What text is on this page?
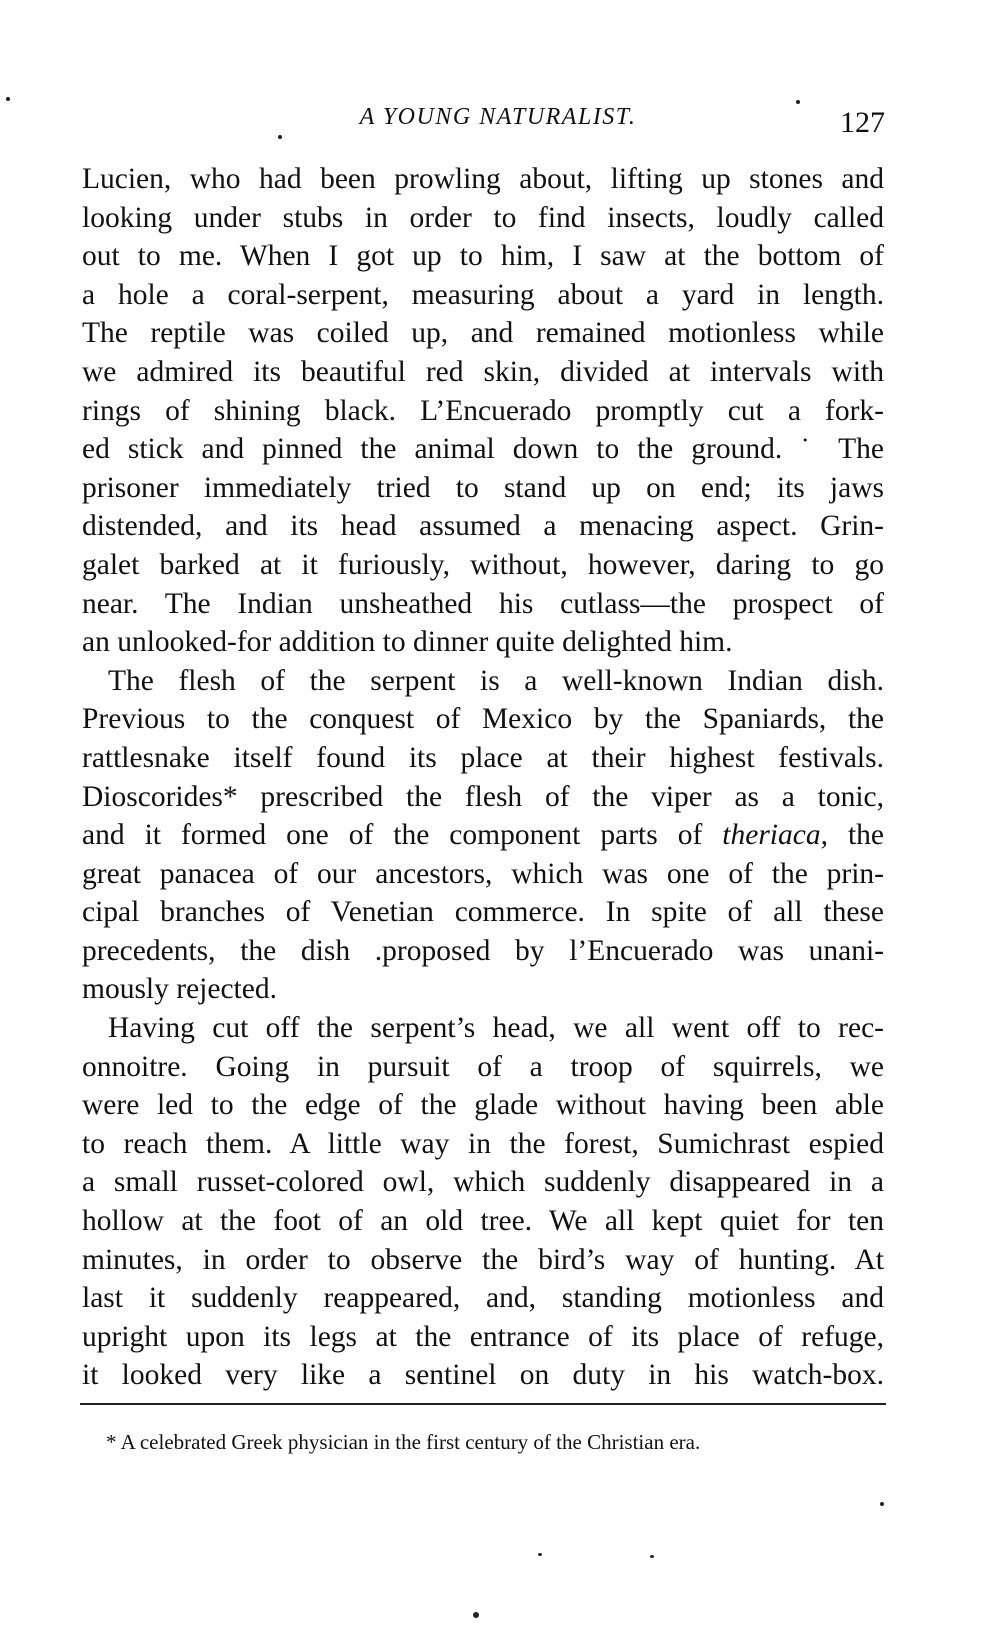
A YOUNG NATURALIST.	127
Lucien, who had been prowling about, lifting up stones and
looking under stubs in order to find insects, loudly called
out to me. When I got up to him, I saw at the bottom of
a hole a coral-serpent, measuring about a yard in length.
The reptile was coiled up, and remained motionless while
we admired its beautiful red skin, divided at intervals with
rings of shining black. L’Encuerado promptly cut a fork-
ed stick and pinned the animal down to the ground. ˙ The
prisoner immediately tried to stand up on end; its jaws
distended, and its head assumed a menacing aspect. Grin-
galet barked at it furiously, without, however, daring to go
near. The Indian unsheathed his cutlass—the prospect of
an unlooked-for addition to dinner quite delighted him.
The flesh of the serpent is a well-known Indian dish.
Previous to the conquest of Mexico by the Spaniards, the
rattlesnake itself found its place at their highest festivals.
Dioscorides* prescribed the flesh of the viper as a tonic,
and it formed one of the component parts of theriaca, the
great panacea of our ancestors, which was one of the prin-
cipal branches of Venetian commerce. In spite of all these
precedents, the dish .proposed by l’Encuerado was unani-
mously rejected.
Having cut off the serpent’s head, we all went off to rec-
onnoitre. Going in pursuit of a troop of squirrels, we
were led to the edge of the glade without having been able
to reach them. A little way in the forest, Sumichrast espied
a small russet-colored owl, which suddenly disappeared in a
hollow at the foot of an old tree. We all kept quiet for ten
minutes, in order to observe the bird’s way of hunting. At
last it suddenly reappeared, and, standing motionless and
upright upon its legs at the entrance of its place of refuge,
it looked very like a sentinel on duty in his watch-box.
* A celebrated Greek physician in the first century of the Christian era.
